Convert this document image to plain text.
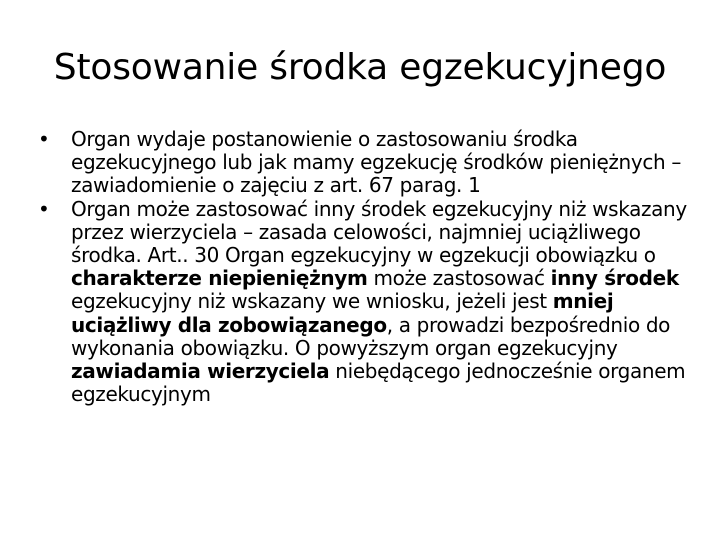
Stosowanie środka egzekucyjnego
•	Organ wydaje postanowienie o zastosowaniu środka egzekucyjnego lub jak mamy egzekucję środków pieniężnych – zawiadomienie o zajęciu z art. 67 parag. 1
•	Organ może zastosować inny środek egzekucyjny niż wskazany przez wierzyciela – zasada celowości, najmniej uciążliwego środka. Art.. 30 Organ egzekucyjny w egzekucji obowiązku o charakterze niepieniężnym może zastosować inny środek egzekucyjny niż wskazany we wniosku, jeżeli jest mniej uciążliwy dla zobowiązanego, a prowadzi bezpośrednio do wykonania obowiązku. O powyższym organ egzekucyjny zawiadamia wierzyciela niebędącego jednocześnie organem egzekucyjnym
